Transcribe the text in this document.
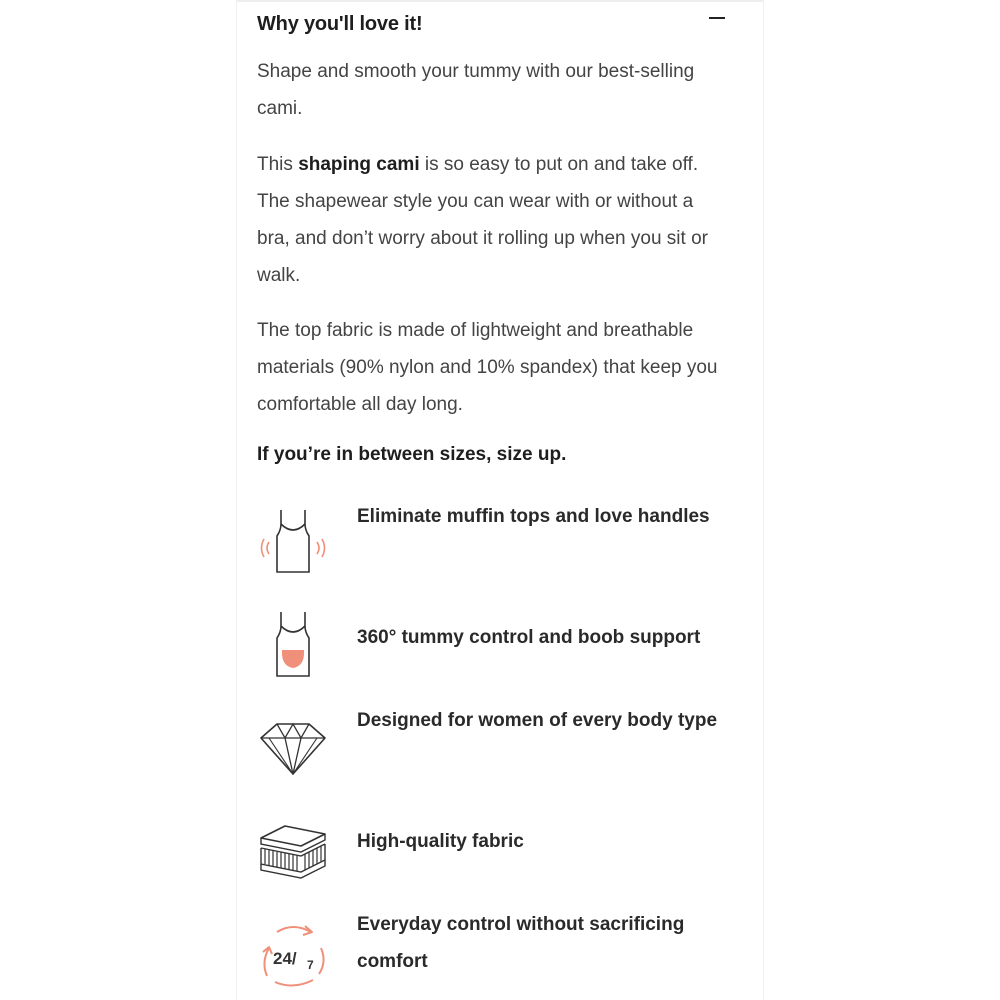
Why you'll love it!

Shape and smooth your tummy with our best-selling cami.

This shaping cami is so easy to put on and take off. The shapewear style you can wear with or without a bra, and don’t worry about it rolling up when you sit or walk.

The top fabric is made of lightweight and breathable materials (90% nylon and 10% spandex) that keep you comfortable all day long.

If you’re in between sizes, size up.

Eliminate muffin tops and love handles

360° tummy control and boob support

Designed for women of every body type

High-quality fabric

24/ 7

Everyday control without sacrificing comfort
